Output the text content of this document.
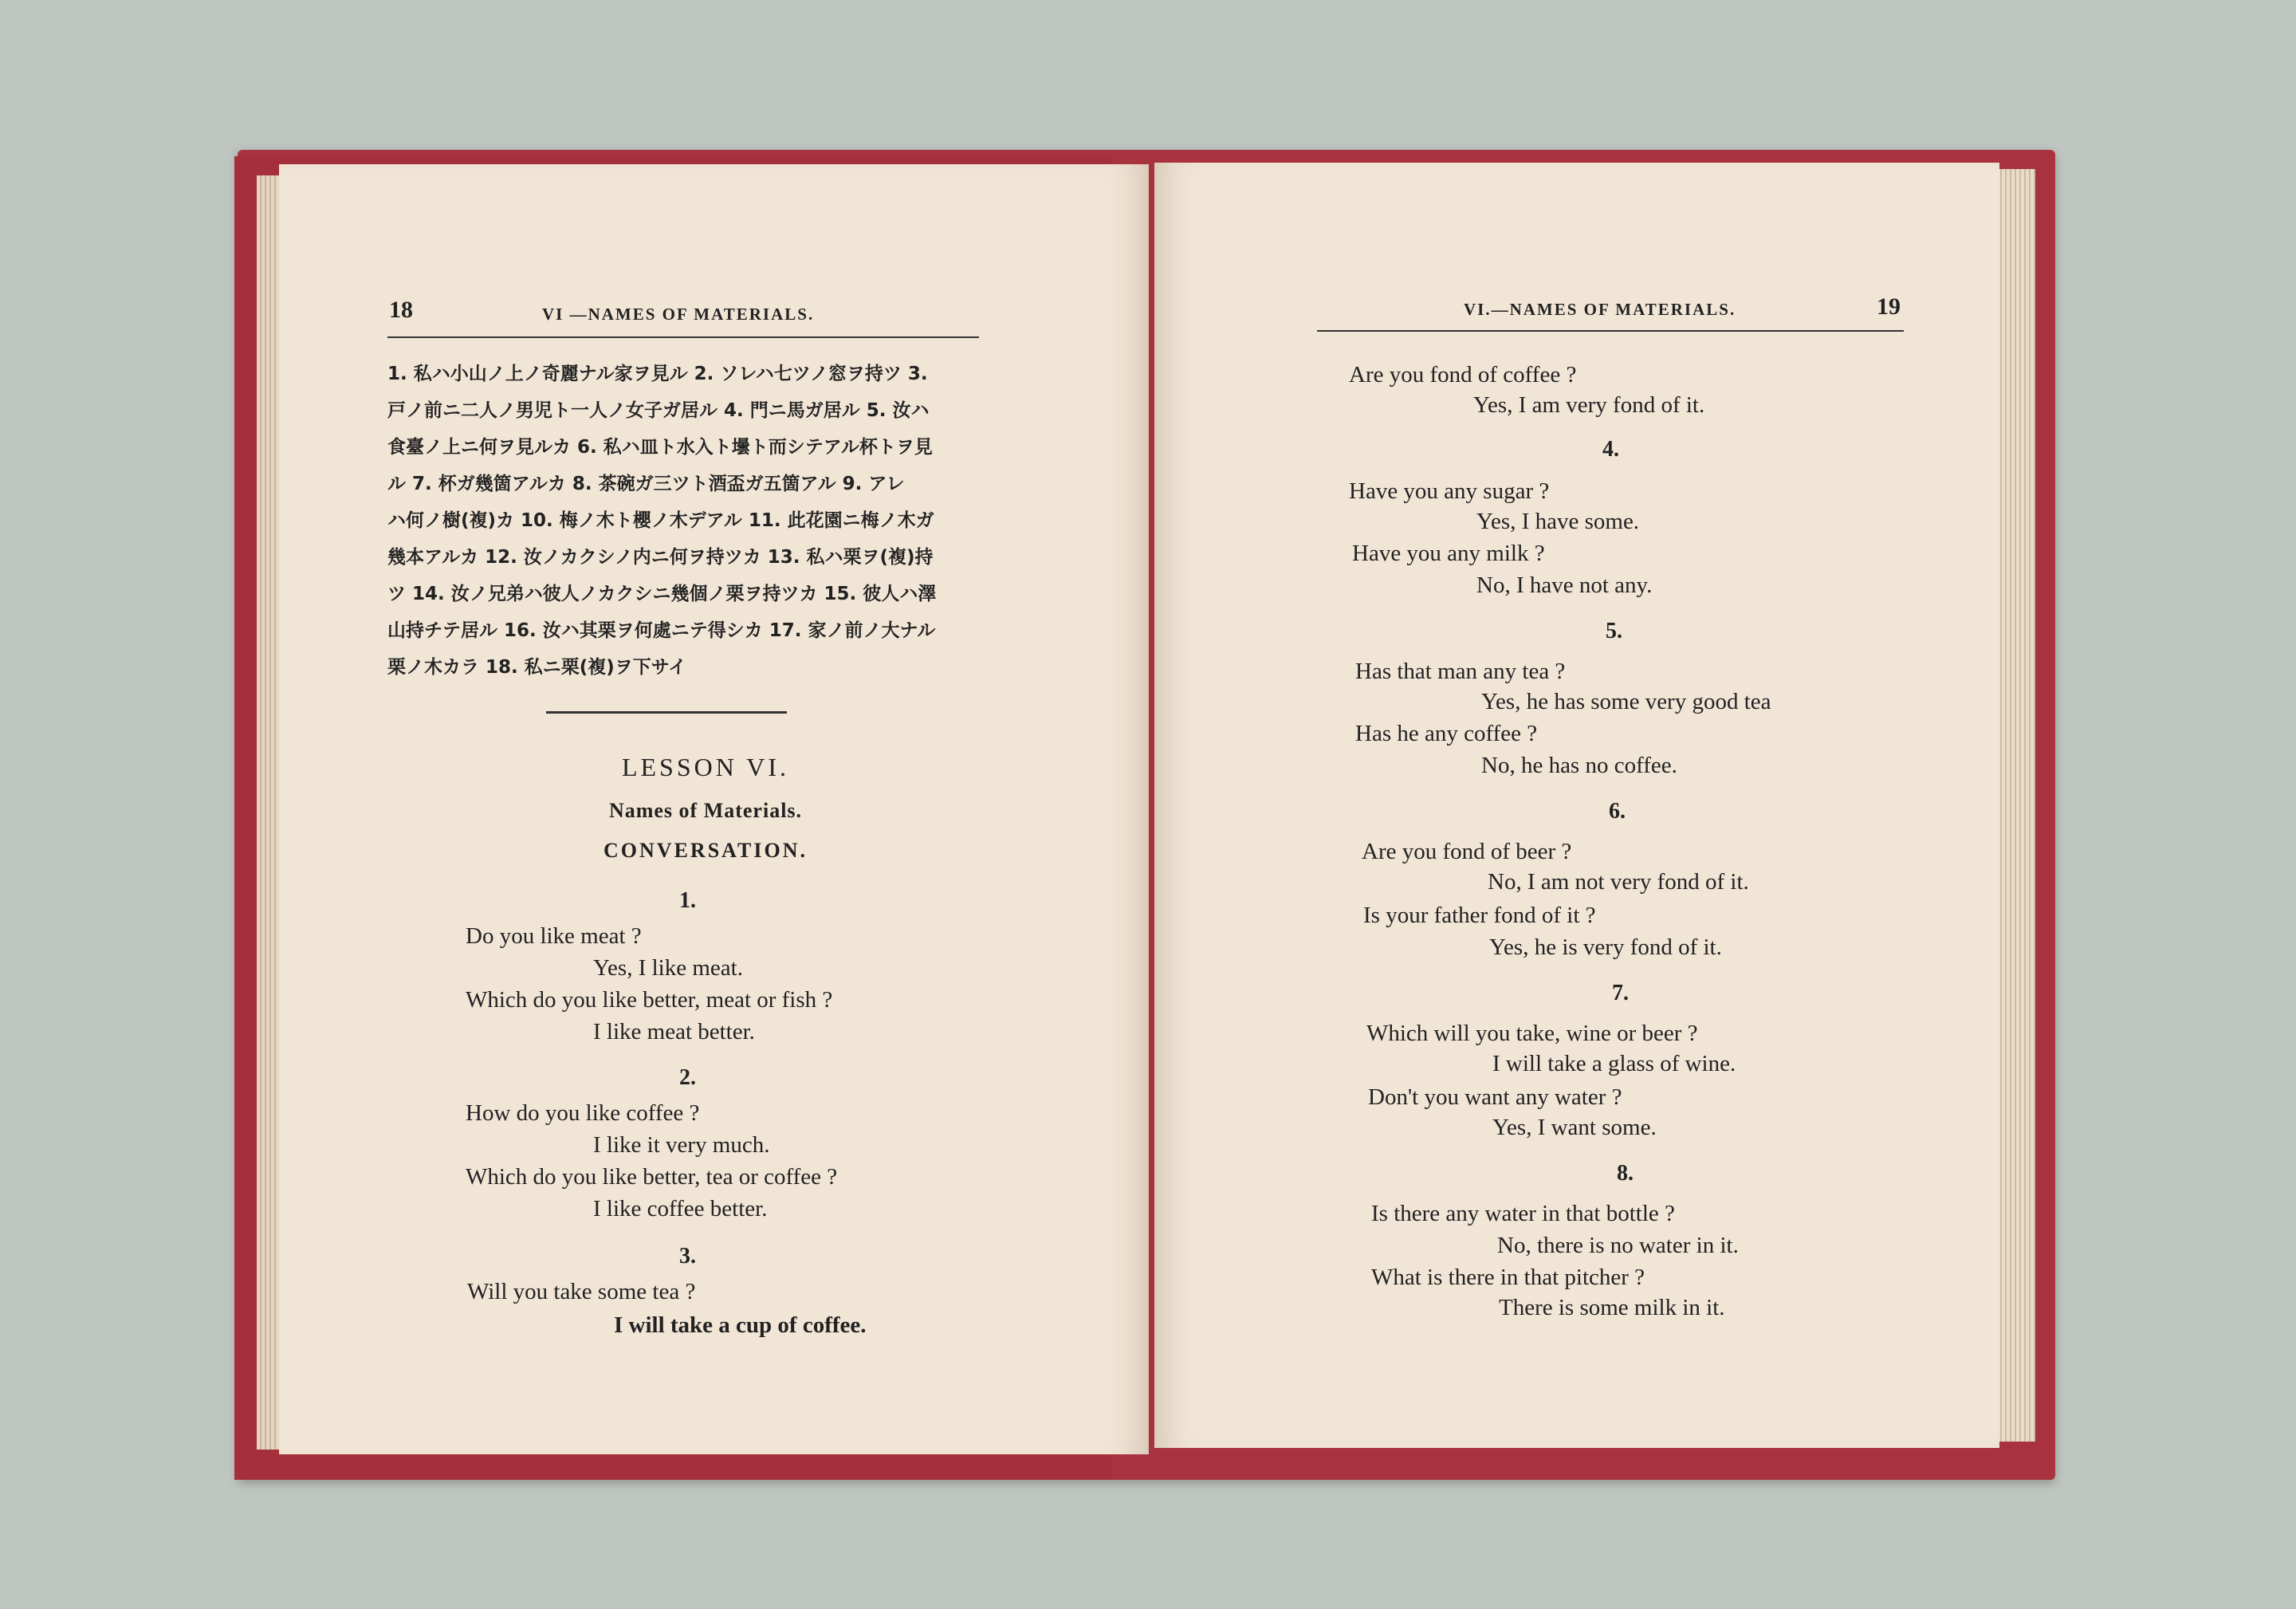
18	VI —NAMES OF MATERIALS.
1. 私ハ小山ノ上ノ奇麗ナル家ヲ見ル 2. ソレハ七ツノ窓ヲ持ツ 3.
戸ノ前ニ二人ノ男児ト一人ノ女子ガ居ル 4. 門ニ馬ガ居ル 5. 汝ハ
食臺ノ上ニ何ヲ見ルカ 6. 私ハ皿ト水入ト壜ト而シテアル杯トヲ見
ル 7. 杯ガ幾箇アルカ 8. 茶碗ガ三ツト酒盃ガ五箇アル 9. アレ
ハ何ノ樹(複)カ 10. 梅ノ木ト櫻ノ木デアル 11. 此花園ニ梅ノ木ガ
幾本アルカ 12. 汝ノカクシノ内ニ何ヲ持ツカ 13. 私ハ栗ヲ(複)持
ツ 14. 汝ノ兄弟ハ彼人ノカクシニ幾個ノ栗ヲ持ツカ 15. 彼人ハ澤
山持チテ居ル 16. 汝ハ其栗ヲ何處ニテ得シカ 17. 家ノ前ノ大ナル
栗ノ木カラ 18. 私ニ栗(複)ヲ下サイ
LESSON VI.
Names of Materials.
CONVERSATION.
1.
Do you like meat ?
Yes, I like meat.
Which do you like better, meat or fish ?
I like meat better.
2.
How do you like coffee ?
I like it very much.
Which do you like better, tea or coffee ?
I like coffee better.
3.
Will you take some tea ?
I will take a cup of coffee.
VI.—NAMES OF MATERIALS.	19
Are you fond of coffee ?
Yes, I am very fond of it.
4.
Have you any sugar ?
Yes, I have some.
Have you any milk ?
No, I have not any.
5.
Has that man any tea ?
Yes, he has some very good tea
Has he any coffee ?
No, he has no coffee.
6.
Are you fond of beer ?
No, I am not very fond of it.
Is your father fond of it ?
Yes, he is very fond of it.
7.
Which will you take, wine or beer ?
I will take a glass of wine.
Don't you want any water ?
Yes, I want some.
8.
Is there any water in that bottle ?
No, there is no water in it.
What is there in that pitcher ?
There is some milk in it.
